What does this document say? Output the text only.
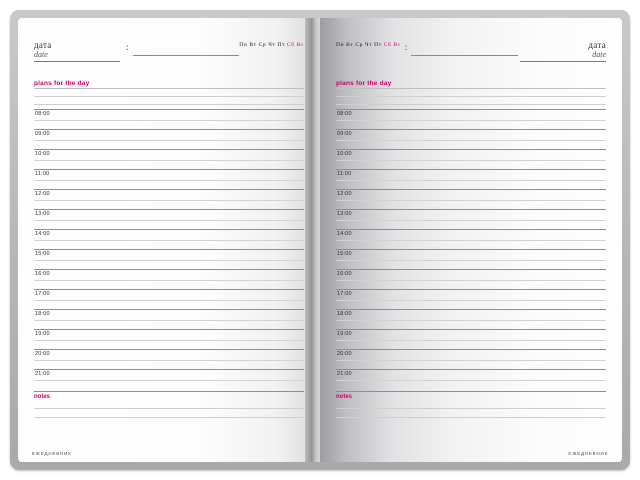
дата
date
:	Пн Вт Ср Чт Пт Сб Вс
plans for the day
08:00
09:00
10:00
11:00
12:00
13:00
14:00
15:00
16:00
17:00
18:00
19:00
20:00
21:00
notes
ЕЖЕДНЕВНИК
Пн Вт Ср Чт Пт Сб Вс :	дата
date
plans for the day
08:00
09:00
10:00
11:00
12:00
13:00
14:00
15:00
16:00
17:00
18:00
19:00
20:00
21:00
notes
ЕЖЕДНЕВНИК
